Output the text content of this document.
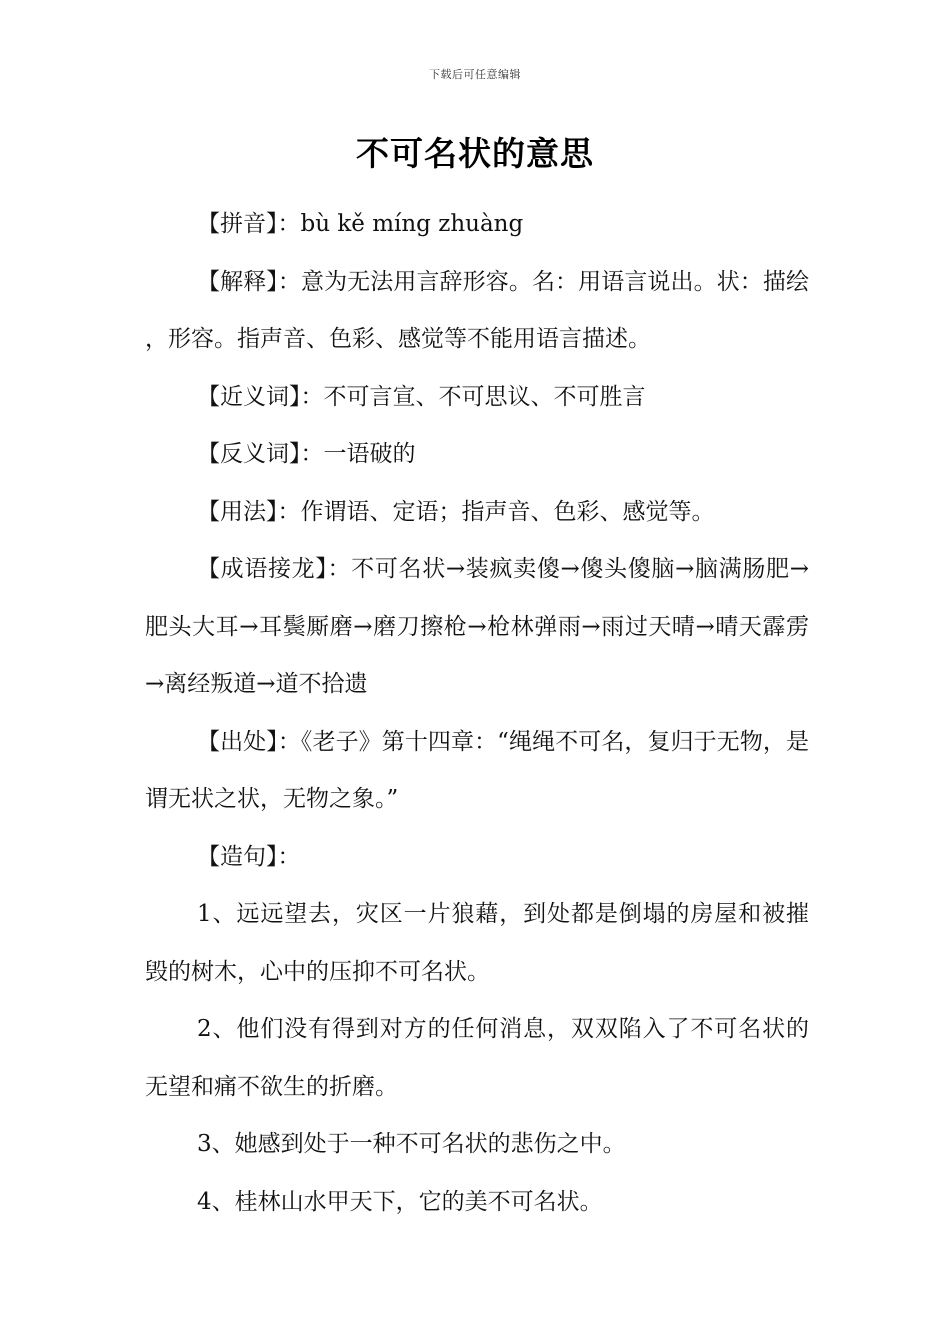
下载后可任意编辑
不可名状的意思

【拼音】：bù kě míng zhuàng

【解释】：意为无法用言辞形容。名：用语言说出。状：描绘，形容。指声音、色彩、感觉等不能用语言描述。

【近义词】：不可言宣、不可思议、不可胜言

【反义词】：一语破的

【用法】：作谓语、定语；指声音、色彩、感觉等。

【成语接龙】：不可名状→装疯卖傻→傻头傻脑→脑满肠肥→肥头大耳→耳鬓厮磨→磨刀擦枪→枪林弹雨→雨过天晴→晴天霹雳→离经叛道→道不拾遗

【出处】：《老子》第十四章：“绳绳不可名，复归于无物，是谓无状之状，无物之象。”

【造句】：

1、远远望去，灾区一片狼藉，到处都是倒塌的房屋和被摧毁的树木，心中的压抑不可名状。

2、他们没有得到对方的任何消息，双双陷入了不可名状的无望和痛不欲生的折磨。

3、她感到处于一种不可名状的悲伤之中。

4、桂林山水甲天下，它的美不可名状。
